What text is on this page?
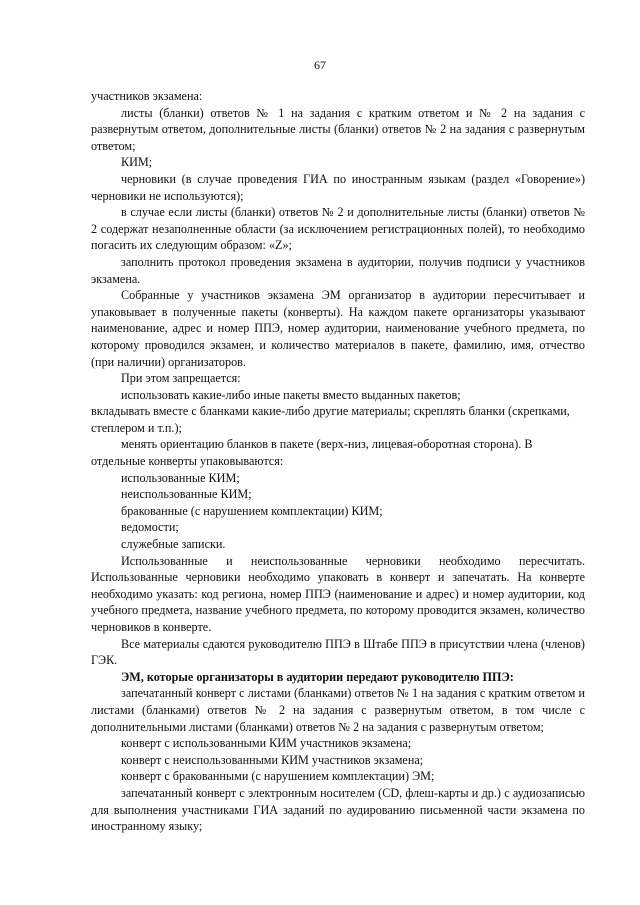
67

участников экзамена:

листы (бланки) ответов № 1 на задания с кратким ответом и № 2 на задания с развернутым ответом, дополнительные листы (бланки) ответов № 2 на задания с развернутым ответом;

КИМ;

черновики (в случае проведения ГИА по иностранным языкам (раздел «Говорение») черновики не используются);

в случае если листы (бланки) ответов № 2 и дополнительные листы (бланки) ответов № 2 содержат незаполненные области (за исключением регистрационных полей), то необходимо погасить их следующим образом: «Z»;

заполнить протокол проведения экзамена в аудитории, получив подписи у участников экзамена.

Собранные у участников экзамена ЭМ организатор в аудитории пересчитывает и упаковывает в полученные пакеты (конверты). На каждом пакете организаторы указывают наименование, адрес и номер ППЭ, номер аудитории, наименование учебного предмета, по которому проводился экзамен, и количество материалов в пакете, фамилию, имя, отчество (при наличии) организаторов.

При этом запрещается:

использовать какие-либо иные пакеты вместо выданных пакетов;

вкладывать вместе с бланками какие-либо другие материалы; скреплять бланки (скрепками, степлером и т.п.);

менять ориентацию бланков в пакете (верх-низ, лицевая-оборотная сторона). В отдельные конверты упаковываются:

использованные КИМ;

неиспользованные КИМ;

бракованные (с нарушением комплектации) КИМ;

ведомости;

служебные записки.

Использованные и неиспользованные черновики необходимо пересчитать. Использованные черновики необходимо упаковать в конверт и запечатать. На конверте необходимо указать: код региона, номер ППЭ (наименование и адрес) и номер аудитории, код учебного предмета, название учебного предмета, по которому проводится экзамен, количество черновиков в конверте.

Все материалы сдаются руководителю ППЭ в Штабе ППЭ в присутствии члена (членов) ГЭК.

ЭМ, которые организаторы в аудитории передают руководителю ППЭ:

запечатанный конверт с листами (бланками) ответов № 1 на задания с кратким ответом и листами (бланками) ответов № 2 на задания с развернутым ответом, в том числе с дополнительными листами (бланками) ответов № 2 на задания с развернутым ответом;

конверт с использованными КИМ участников экзамена;

конверт с неиспользованными КИМ участников экзамена;

конверт с бракованными (с нарушением комплектации) ЭМ;

запечатанный конверт с электронным носителем (CD, флеш-карты и др.) с аудиозаписью для выполнения участниками ГИА заданий по аудированию письменной части экзамена по иностранному языку;
